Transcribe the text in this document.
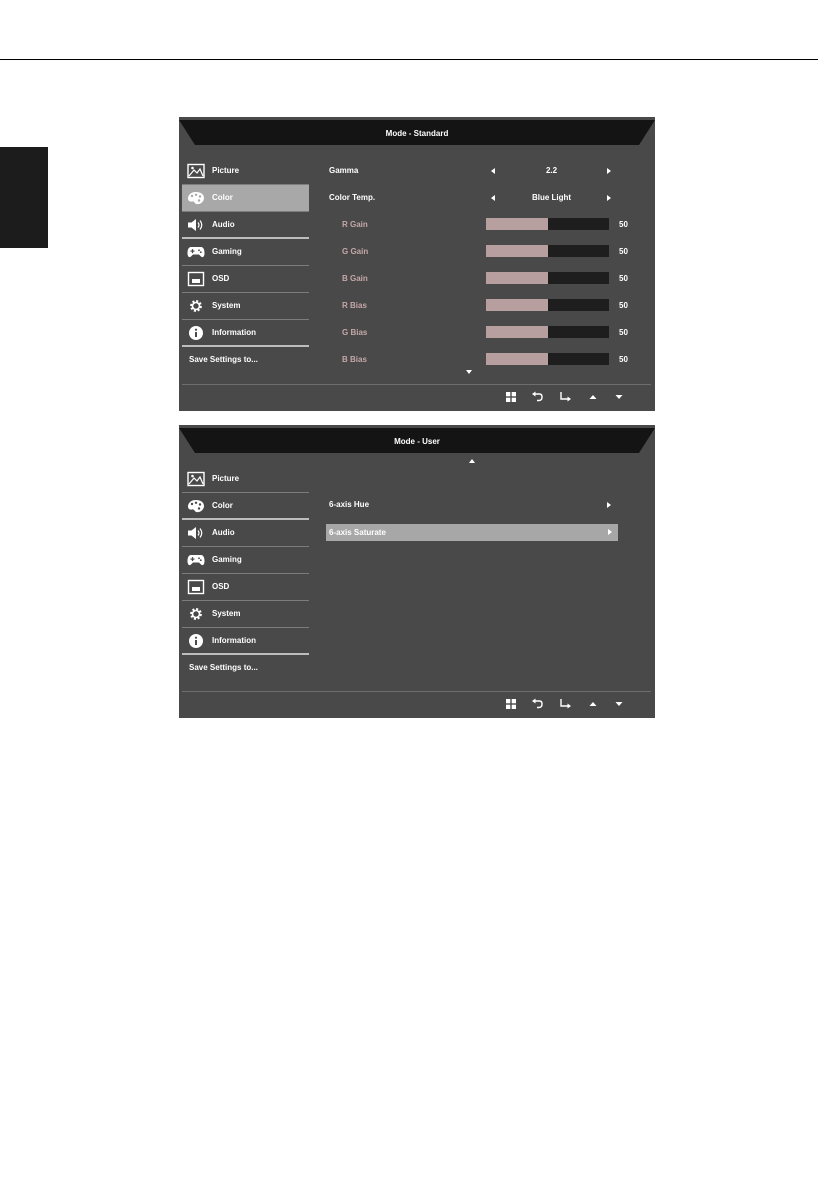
Mode - Standard
Picture
Color
Audio
Gaming
OSD
System
Information
Save Settings to...
Gamma	2.2
Color Temp.	Blue Light
R Gain	50
G Gain	50
B Gain	50
R Bias	50
G Bias	50
B Bias	50
Mode - User
Picture
Color
Audio
Gaming
OSD
System
Information
Save Settings to...
6-axis Hue
6-axis Saturate
